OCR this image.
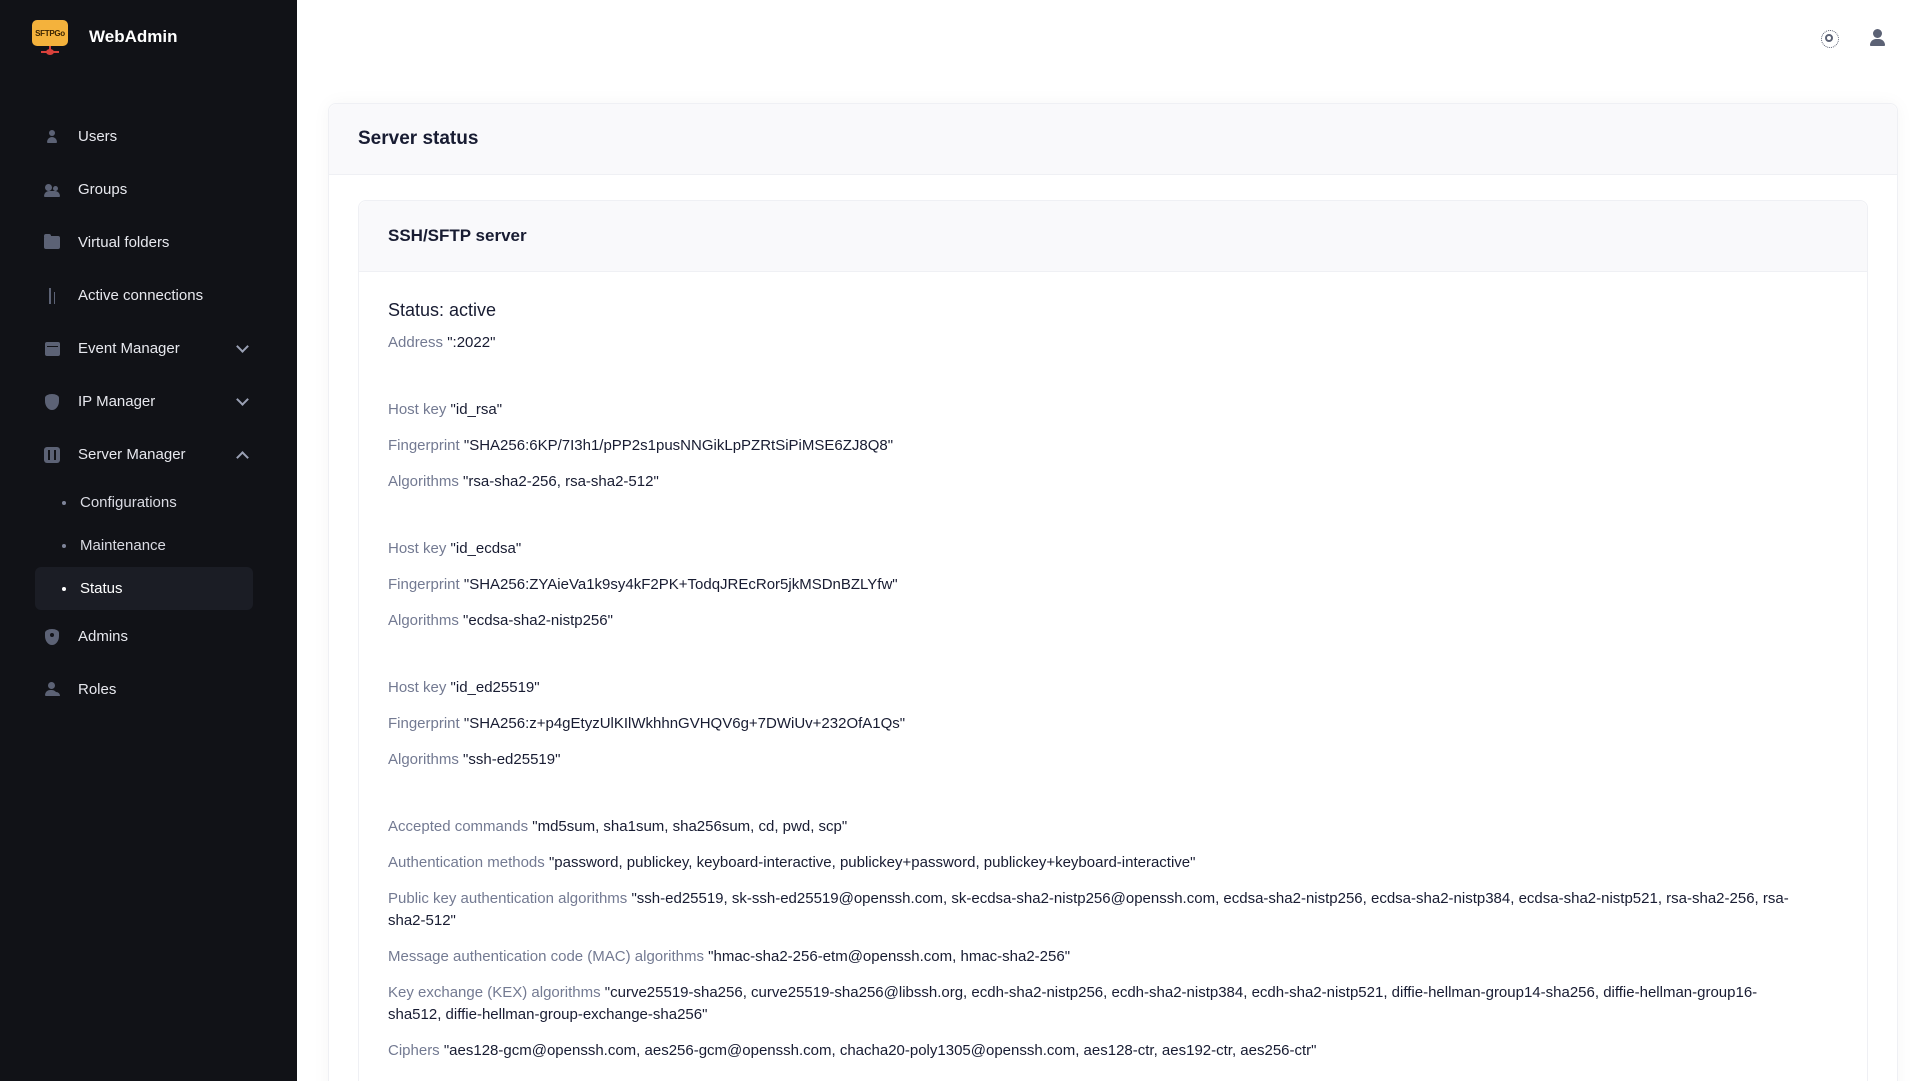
SFTPGo WebAdmin
Users
Groups
Virtual folders
Active connections
Event Manager
IP Manager
Server Manager
Configurations
Maintenance
Status
Admins
Roles
Server status
SSH/SFTP server
Status: active
Address ":2022"
Host key "id_rsa"
Fingerprint "SHA256:6KP/7I3h1/pPP2s1pusNNGikLpPZRtSiPiMSE6ZJ8Q8"
Algorithms "rsa-sha2-256, rsa-sha2-512"
Host key "id_ecdsa"
Fingerprint "SHA256:ZYAieVa1k9sy4kF2PK+TodqJREcRor5jkMSDnBZLYfw"
Algorithms "ecdsa-sha2-nistp256"
Host key "id_ed25519"
Fingerprint "SHA256:z+p4gEtyzUlKIlWkhhnGVHQV6g+7DWiUv+232OfA1Qs"
Algorithms "ssh-ed25519"
Accepted commands "md5sum, sha1sum, sha256sum, cd, pwd, scp"
Authentication methods "password, publickey, keyboard-interactive, publickey+password, publickey+keyboard-interactive"
Public key authentication algorithms "ssh-ed25519, sk-ssh-ed25519@openssh.com, sk-ecdsa-sha2-nistp256@openssh.com, ecdsa-sha2-nistp256, ecdsa-sha2-nistp384, ecdsa-sha2-nistp521, rsa-sha2-256, rsa-sha2-512"
Message authentication code (MAC) algorithms "hmac-sha2-256-etm@openssh.com, hmac-sha2-256"
Key exchange (KEX) algorithms "curve25519-sha256, curve25519-sha256@libssh.org, ecdh-sha2-nistp256, ecdh-sha2-nistp384, ecdh-sha2-nistp521, diffie-hellman-group14-sha256, diffie-hellman-group16-sha512, diffie-hellman-group-exchange-sha256"
Ciphers "aes128-gcm@openssh.com, aes256-gcm@openssh.com, chacha20-poly1305@openssh.com, aes128-ctr, aes192-ctr, aes256-ctr"
